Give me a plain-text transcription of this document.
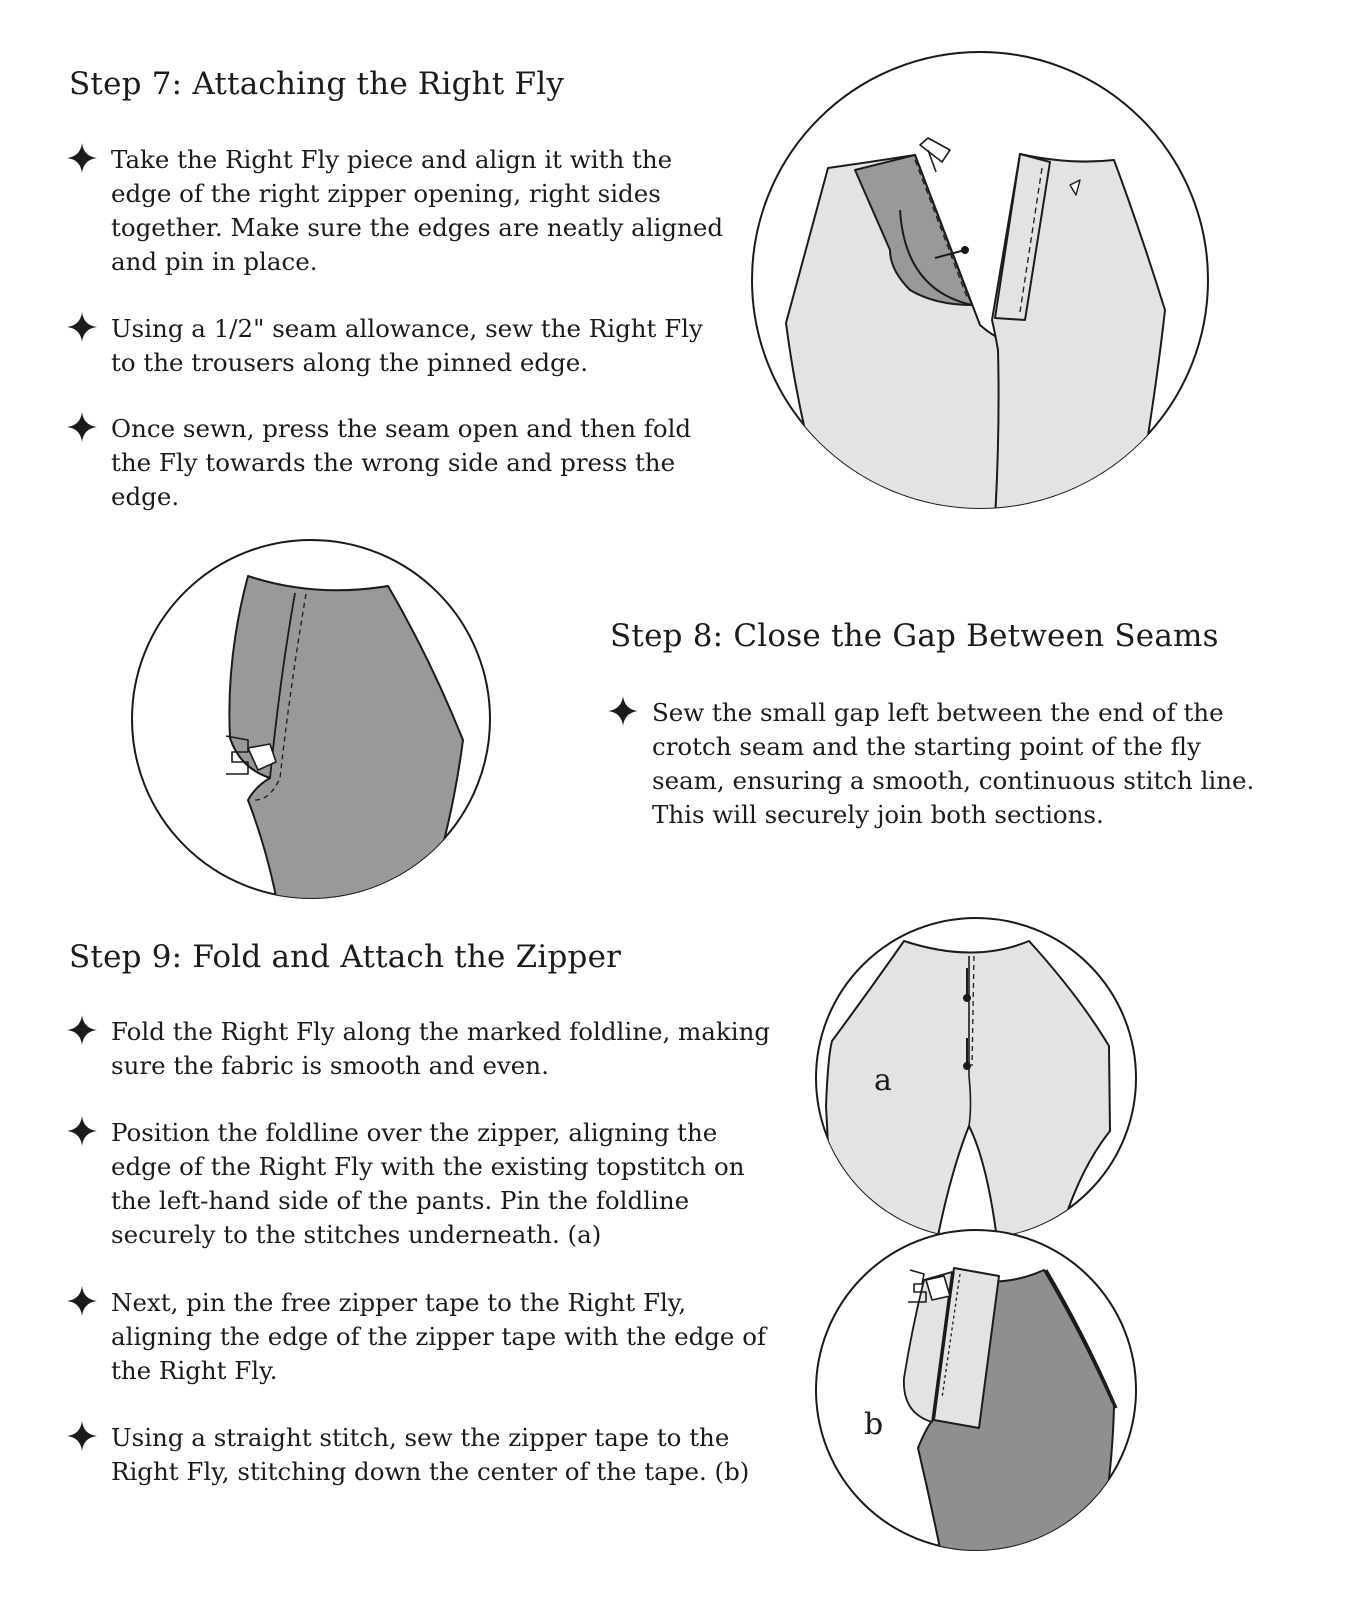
Step 7: Attaching the Right Fly

Take the Right Fly piece and align it with the
edge of the right zipper opening, right sides
together. Make sure the edges are neatly aligned
and pin in place.

Using a 1/2" seam allowance, sew the Right Fly
to the trousers along the pinned edge.

Once sewn, press the seam open and then fold
the Fly towards the wrong side and press the
edge.

Step 8: Close the Gap Between Seams

Sew the small gap left between the end of the
crotch seam and the starting point of the fly
seam, ensuring a smooth, continuous stitch line.
This will securely join both sections.

Step 9: Fold and Attach the Zipper

Fold the Right Fly along the marked foldline, making
sure the fabric is smooth and even.

Position the foldline over the zipper, aligning the
edge of the Right Fly with the existing topstitch on
the left-hand side of the pants. Pin the foldline
securely to the stitches underneath. (a)

Next, pin the free zipper tape to the Right Fly,
aligning the edge of the zipper tape with the edge of
the Right Fly.

Using a straight stitch, sew the zipper tape to the
Right Fly, stitching down the center of the tape. (b)

a
b
